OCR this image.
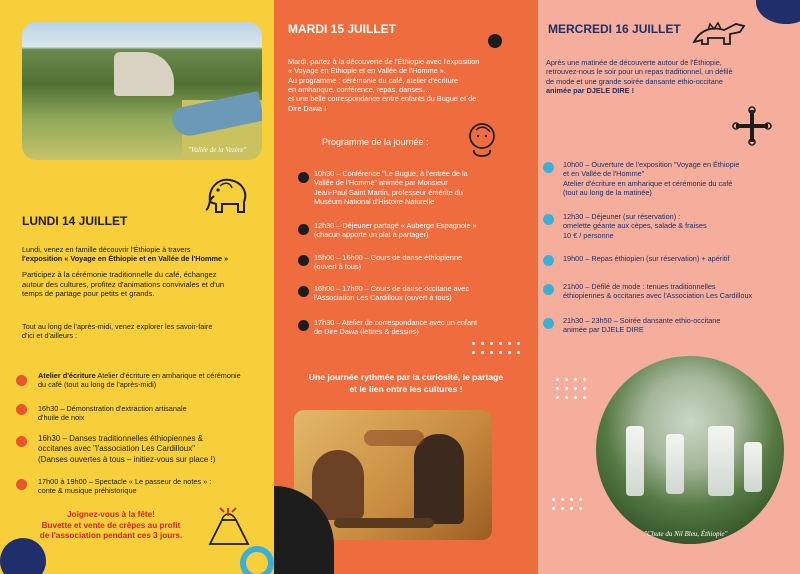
"Vallée de la Vezère"
LUNDI 14 JUILLET
Lundi, venez en famille découvrir l'Éthiopie à travers
l'exposition « Voyage en Éthiopie et en Vallée de l'Homme »
Participez à la cérémonie traditionnelle du café, échangez
autour des cultures, profitez d'animations conviviales et d'un
temps de partage pour petits et grands.
Tout au long de l'après-midi, venez explorer les savoir-faire
d'ici et d'ailleurs :
Atelier d'écriture Atelier d'écriture en amharique et cérémonie
du café (tout au long de l'après-midi)
16h30 – Démonstration d'extraction artisanale
d'huile de noix
16h30 – Danses traditionnelles éthiopiennes &
occitanes avec "l'association Les Cardilloux"
(Danses ouvertes à tous – initiez-vous sur place !)
17h00 à 19h00 – Spectacle « Le passeur de notes » :
conte & musique préhistorique
Joignez-vous à la fête!
Buvette et vente de crêpes au profit
de l'association pendant ces 3 jours.
MARDI 15 JUILLET
Mardi, partez à la découverte de l'Éthiopie avec l'exposition
« Voyage en Éthiopie et en Vallée de l'Homme ».
Au programme : cérémonie du café, atelier d'écriture
en amharique, conférence, repas, danses…
et une belle correspondance entre enfants du Bugue et de
Dire Dawa !
Programme de la journée :
10h30 – Conférence "Le Bugue, à l'entrée de la
Vallée de l'Homme" animée par Monsieur
Jean-Paul Saint Martin, professeur émérite du
Muséum National d'Histoire Naturelle
12h30 – Déjeuner partagé « Auberge Espagnole »
(chacun apporte un plat à partager)
15h00 – 16h00 – Cours de danse éthiopienne
(ouvert à tous)
16h00 – 17h00 – Cours de danse occitane avec
l'Association Les Cardilloux (ouvert à tous)
17h30 – Atelier de correspondance avec un enfant
de Dire Dawa (lettres & dessins)
Une journée rythmée par la curiosité, le partage
et le lien entre les cultures !
MERCREDI 16 JUILLET
Après une matinée de découverte autour de l'Éthiopie,
retrouvez-nous le soir pour un repas traditionnel, un défilé
de mode et une grande soirée dansante ethio-occitane
animée par DJELE DIRE !
10h00 – Ouverture de l'exposition "Voyage en Éthiopie
et en Vallée de l'Homme"
Atelier d'écriture en amharique et cérémonie du café
(tout au long de la matinée)
12h30 – Déjeuner (sur réservation) :
omelette géante aux cèpes, salade & fraises
10 € / personne
19h00 – Repas éthiopien (sur réservation) + apéritif
21h00 – Défilé de mode : tenues traditionnelles
éthiopiennes & occitanes avec l'Association Les Cardilloux
21h30 – 23h50 – Soirée dansante ethio-occitane
animée par DJELE DIRE
"Chute du Nil Bleu, Éthiopie"
